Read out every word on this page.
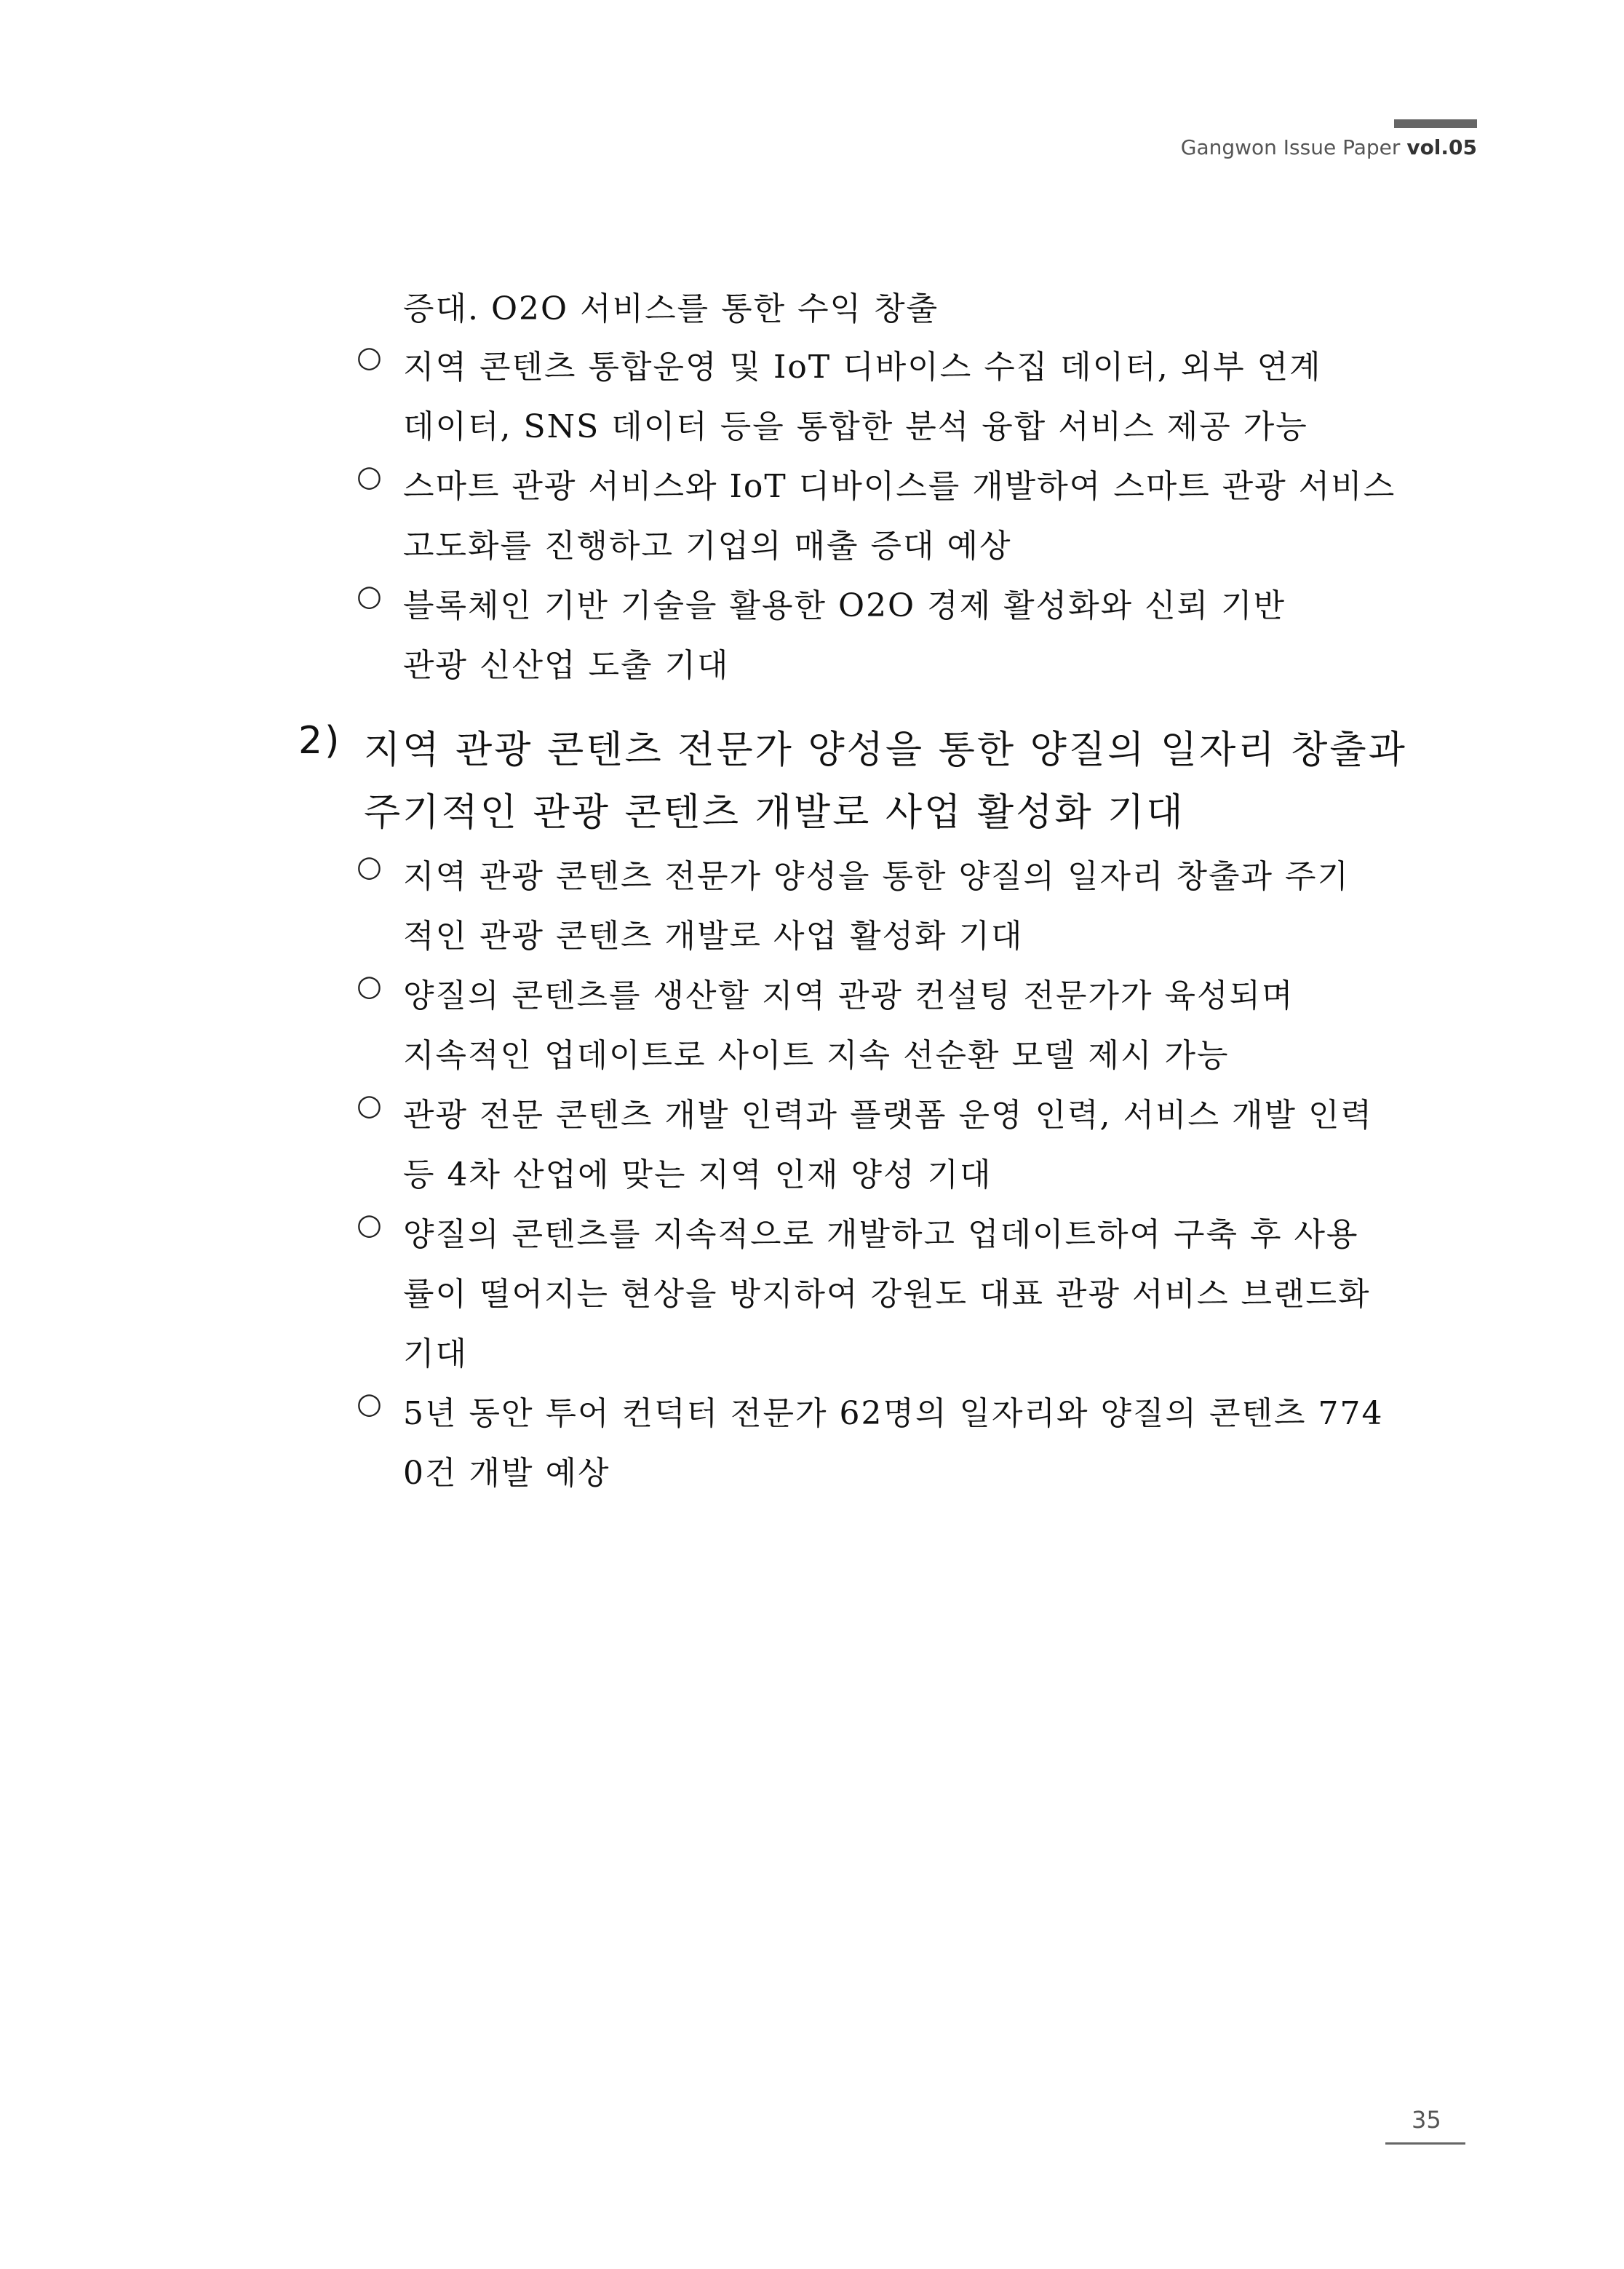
Gangwon Issue Paper vol.05
증대. O2O 서비스를 통한 수익 창출
○ 지역 콘텐츠 통합운영 및 IoT 디바이스 수집 데이터, 외부 연계
데이터, SNS 데이터 등을 통합한 분석 융합 서비스 제공 가능
○ 스마트 관광 서비스와 IoT 디바이스를 개발하여 스마트 관광 서비스
고도화를 진행하고 기업의 매출 증대 예상
○ 블록체인 기반 기술을 활용한 O2O 경제 활성화와 신뢰 기반
관광 신산업 도출 기대
2) 지역 관광 콘텐츠 전문가 양성을 통한 양질의 일자리 창출과
주기적인 관광 콘텐츠 개발로 사업 활성화 기대
○ 지역 관광 콘텐츠 전문가 양성을 통한 양질의 일자리 창출과 주기
적인 관광 콘텐츠 개발로 사업 활성화 기대
○ 양질의 콘텐츠를 생산할 지역 관광 컨설팅 전문가가 육성되며
지속적인 업데이트로 사이트 지속 선순환 모델 제시 가능
○ 관광 전문 콘텐츠 개발 인력과 플랫폼 운영 인력, 서비스 개발 인력
등 4차 산업에 맞는 지역 인재 양성 기대
○ 양질의 콘텐츠를 지속적으로 개발하고 업데이트하여 구축 후 사용
률이 떨어지는 현상을 방지하여 강원도 대표 관광 서비스 브랜드화
기대
○ 5년 동안 투어 컨덕터 전문가 62명의 일자리와 양질의 콘텐츠 774
0건 개발 예상
35
